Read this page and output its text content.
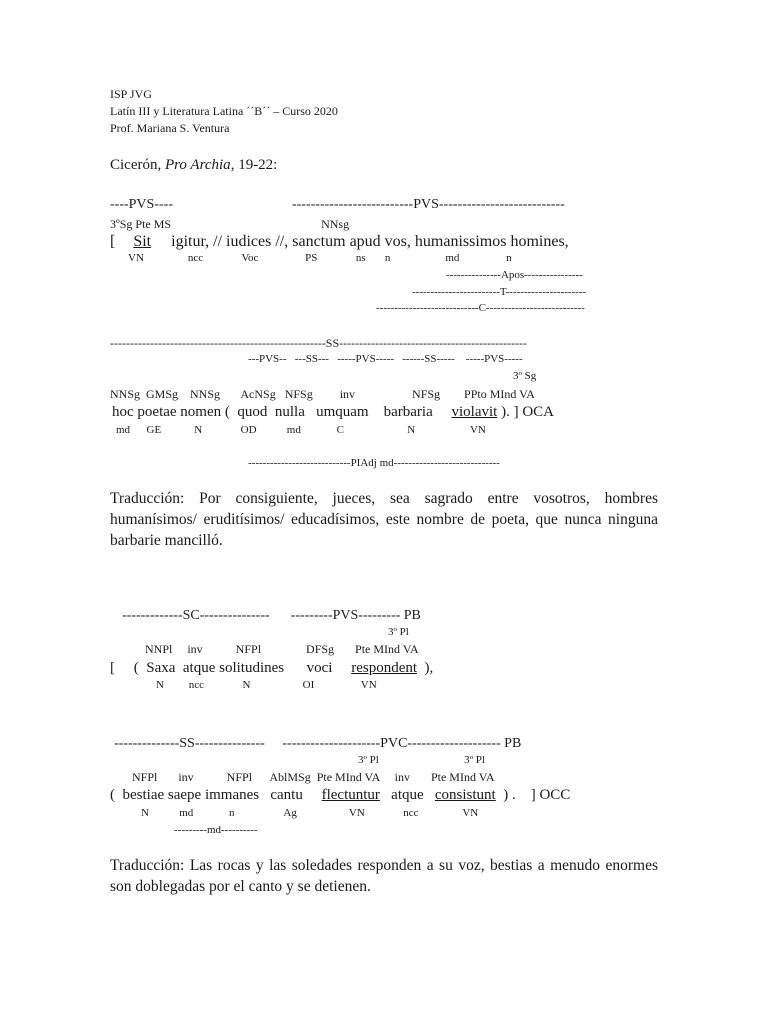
ISP JVG
Latín III y Literatura Latina ´´B´´ – Curso 2020
Prof. Mariana S. Ventura
Cicerón, Pro Archia, 19-22:
----PVS----                                  --------------------------PVS---------------------------
3ºSg Pte MS                                                  NNsg
[ Sit igitur, // iudices //, sanctum apud vos, humanissimos homines,
VN                ncc              Voc                 PS              ns       n                    md                 n
---------------Apos----------------
------------------------T----------------------
----------------------------C---------------------------
------------------------------------------------------SS-----------------------------------------------
---PVS--   ---SS---   -----PVS-----   ------SS-----    -----PVS-----
3º Sg
NNSg  GMSg    NNSg       AcNSg   NFSg         inv                   NFSg        PPto MInd VA
hoc poetae nomen (  quod  nulla   umquam    barbaria     violavit ). ] OCA
md      GE            N              OD           md             C                       N                    VN
----------------------------PIAdj md-----------------------------
Traducción: Por consiguiente, jueces, sea sagrado entre vosotros, hombres humanísimos/ eruditísimos/ educadísimos, este nombre de poeta, que nunca ninguna barbarie mancilló.
-------------SC---------------      ---------PVS--------- PB
3º Pl
NNPl     inv           NFPl               DFSg       Pte MInd VA
[     (  Saxa  atque solitudines      voci     respondent  ),
N         ncc              N                   OI                 VN
--------------SS---------------     ---------------------PVC-------------------- PB
3º Pl                               3º Pl
NFPl       inv           NFPl      AblMSg  Pte MInd VA     inv       Pte MInd VA
(  bestiae saepe immanes   cantu     flectuntur   atque   consistunt  ) .    ] OCC
N           md             n                  Ag                   VN              ncc                VN
---------md----------
Traducción: Las rocas y las soledades responden a su voz, bestias a menudo enormes son doblegadas por el canto y se detienen.
